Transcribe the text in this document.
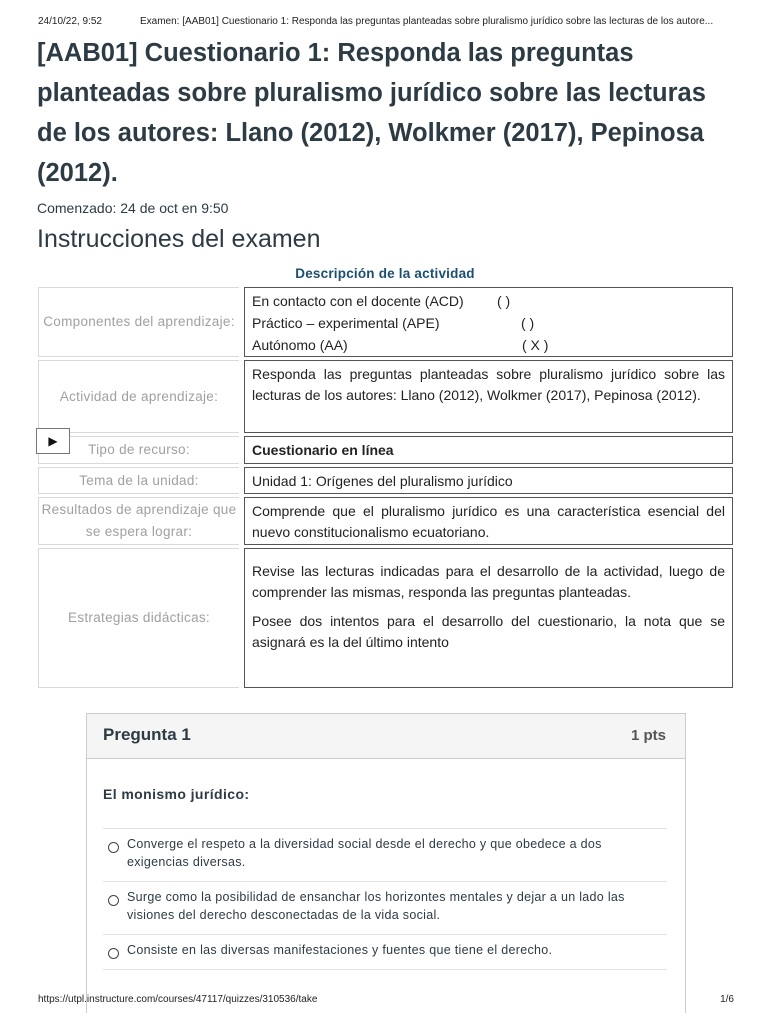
24/10/22, 9:52	Examen: [AAB01] Cuestionario 1: Responda las preguntas planteadas sobre pluralismo jurídico sobre las lecturas de los autore...
[AAB01] Cuestionario 1: Responda las preguntas planteadas sobre pluralismo jurídico sobre las lecturas de los autores: Llano (2012), Wolkmer (2017), Pepinosa (2012).
Comenzado: 24 de oct en 9:50
Instrucciones del examen
Descripción de la actividad
Componentes del aprendizaje:
En contacto con el docente (ACD) ( )
Práctico – experimental (APE)	( )
Autónomo (AA)	( X )
Actividad de aprendizaje:
Responda las preguntas planteadas sobre pluralismo jurídico sobre las lecturas de los autores: Llano (2012), Wolkmer (2017), Pepinosa (2012).
Tipo de recurso:	Cuestionario en línea
Tema de la unidad:	Unidad 1: Orígenes del pluralismo jurídico
Resultados de aprendizaje que se espera lograr:
Comprende que el pluralismo jurídico es una característica esencial del nuevo constitucionalismo ecuatoriano.
Estrategias didácticas:

Revise las lecturas indicadas para el desarrollo de la actividad, luego de comprender las mismas, responda las preguntas planteadas.

Posee dos intentos para el desarrollo del cuestionario, la nota que se asignará es la del último intento

▶
Pregunta 1	1 pts
El monismo jurídico:
Converge el respeto a la diversidad social desde el derecho y que obedece a dos exigencias diversas.
Surge como la posibilidad de ensanchar los horizontes mentales y dejar a un lado las visiones del derecho desconectadas de la vida social.
Consiste en las diversas manifestaciones y fuentes que tiene el derecho.
https://utpl.instructure.com/courses/47117/quizzes/310536/take	1/6
